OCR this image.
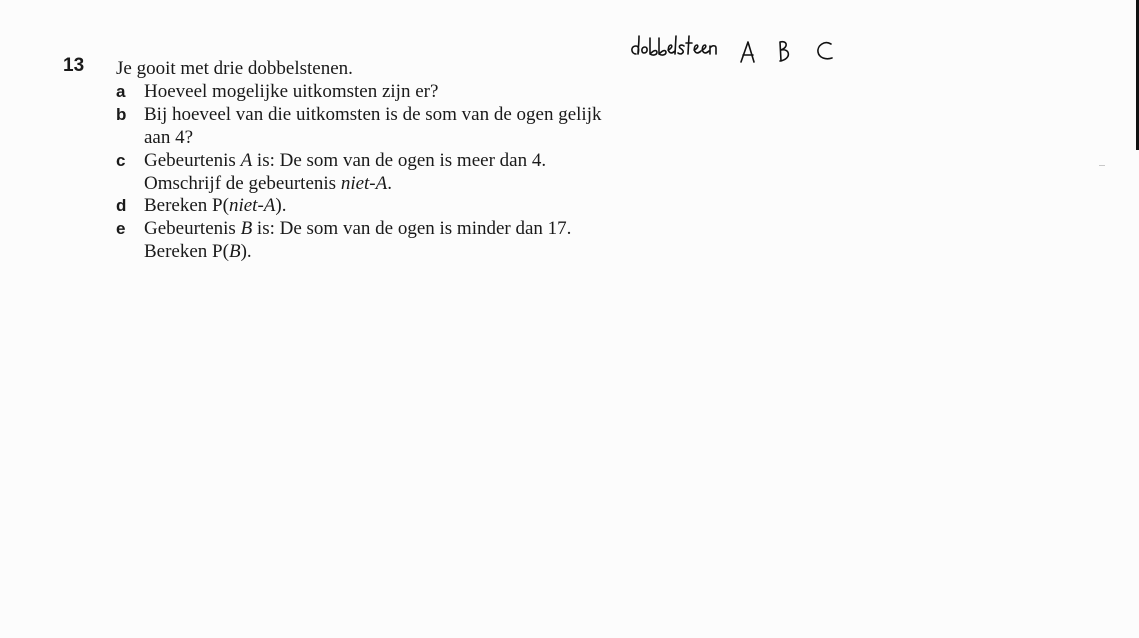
13 Je gooit met drie dobbelstenen.
a Hoeveel mogelijke uitkomsten zijn er?
b Bij hoeveel van die uitkomsten is de som van de ogen gelijk
aan 4?
c Gebeurtenis A is: De som van de ogen is meer dan 4.
Omschrijf de gebeurtenis niet-A.
d Bereken P(niet-A).
e Gebeurtenis B is: De som van de ogen is minder dan 17.
Bereken P(B).
